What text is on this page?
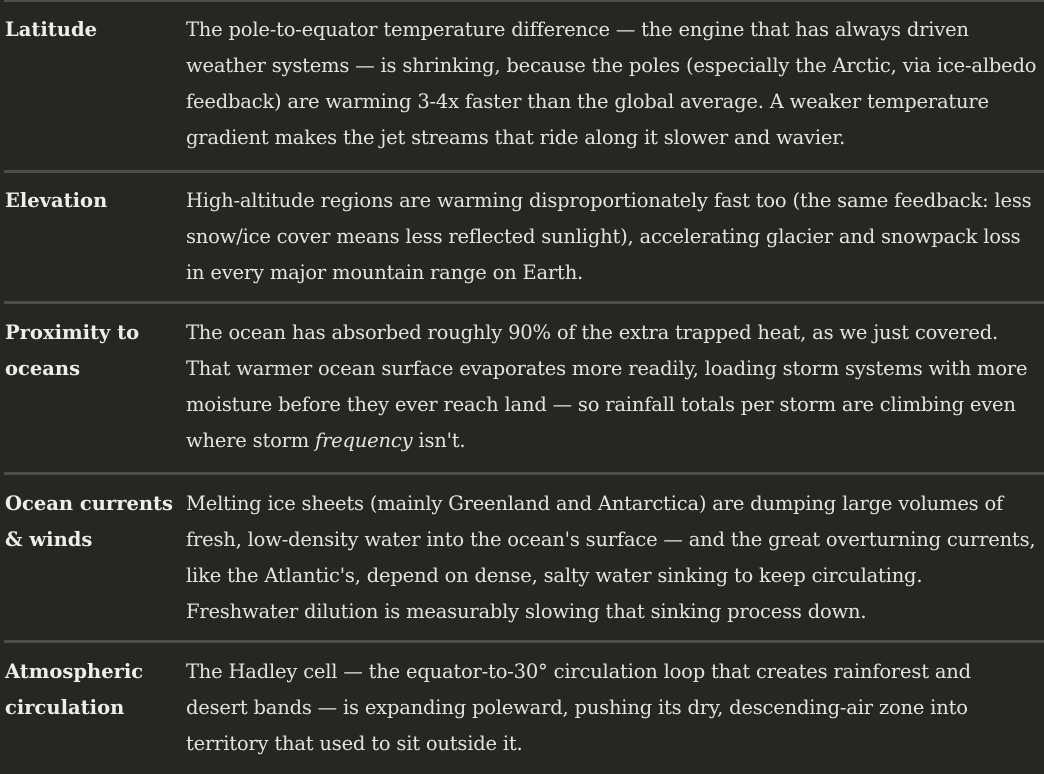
Latitude	The pole-to-equator temperature difference — the engine that has always driven weather systems — is shrinking, because the poles (especially the Arctic, via ice-albedo feedback) are warming 3-4x faster than the global average. A weaker temperature gradient makes the jet streams that ride along it slower and wavier.
Elevation	High-altitude regions are warming disproportionately fast too (the same feedback: less snow/ice cover means less reflected sunlight), accelerating glacier and snowpack loss in every major mountain range on Earth.
Proximity to oceans
The ocean has absorbed roughly 90% of the extra trapped heat, as we just covered. That warmer ocean surface evaporates more readily, loading storm systems with more moisture before they ever reach land — so rainfall totals per storm are climbing even where storm frequency isn't.
Ocean currents & winds
Melting ice sheets (mainly Greenland and Antarctica) are dumping large volumes of fresh, low-density water into the ocean's surface — and the great overturning currents, like the Atlantic's, depend on dense, salty water sinking to keep circulating. Freshwater dilution is measurably slowing that sinking process down.
Atmospheric circulation
The Hadley cell — the equator-to-30° circulation loop that creates rainforest and desert bands — is expanding poleward, pushing its dry, descending-air zone into territory that used to sit outside it.
